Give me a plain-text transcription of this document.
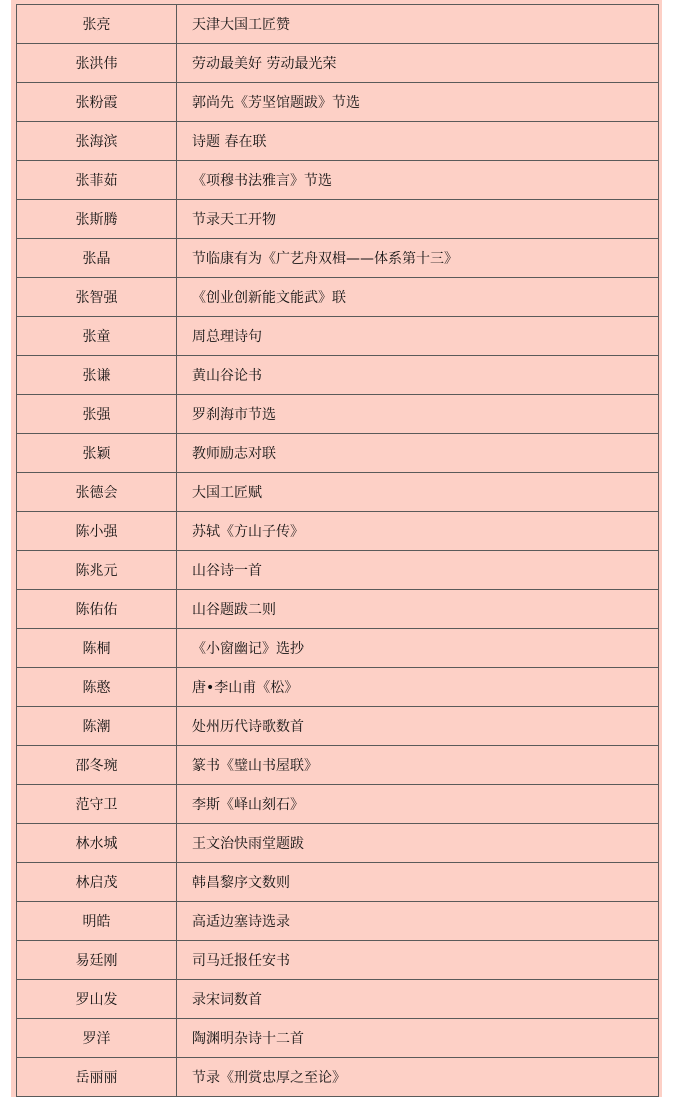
张亮	天津大国工匠赞
张洪伟	劳动最美好 劳动最光荣
张粉霞	郭尚先《芳坚馆题跋》节选
张海滨	诗题 春在联
张菲茹	《项穆书法雅言》节选
张斯腾	节录天工开物
张晶	节临康有为《广艺舟双楫——体系第十三》
张智强	《创业创新能文能武》联
张童	周总理诗句
张谦	黄山谷论书
张强	罗刹海市节选
张颖	教师励志对联
张德会	大国工匠赋
陈小强	苏轼《方山子传》
陈兆元	山谷诗一首
陈佑佑	山谷题跋二则
陈桐	《小窗幽记》选抄
陈憨	唐•李山甫《松》
陈潮	处州历代诗歌数首
邵冬琬	篆书《璧山书屋联》
范守卫	李斯《峄山刻石》
林水城	王文治快雨堂题跋
林启茂	韩昌黎序文数则
明皓	高适边塞诗选录
易廷刚	司马迁报任安书
罗山发	录宋词数首
罗洋	陶渊明杂诗十二首
岳丽丽	节录《刑赏忠厚之至论》
